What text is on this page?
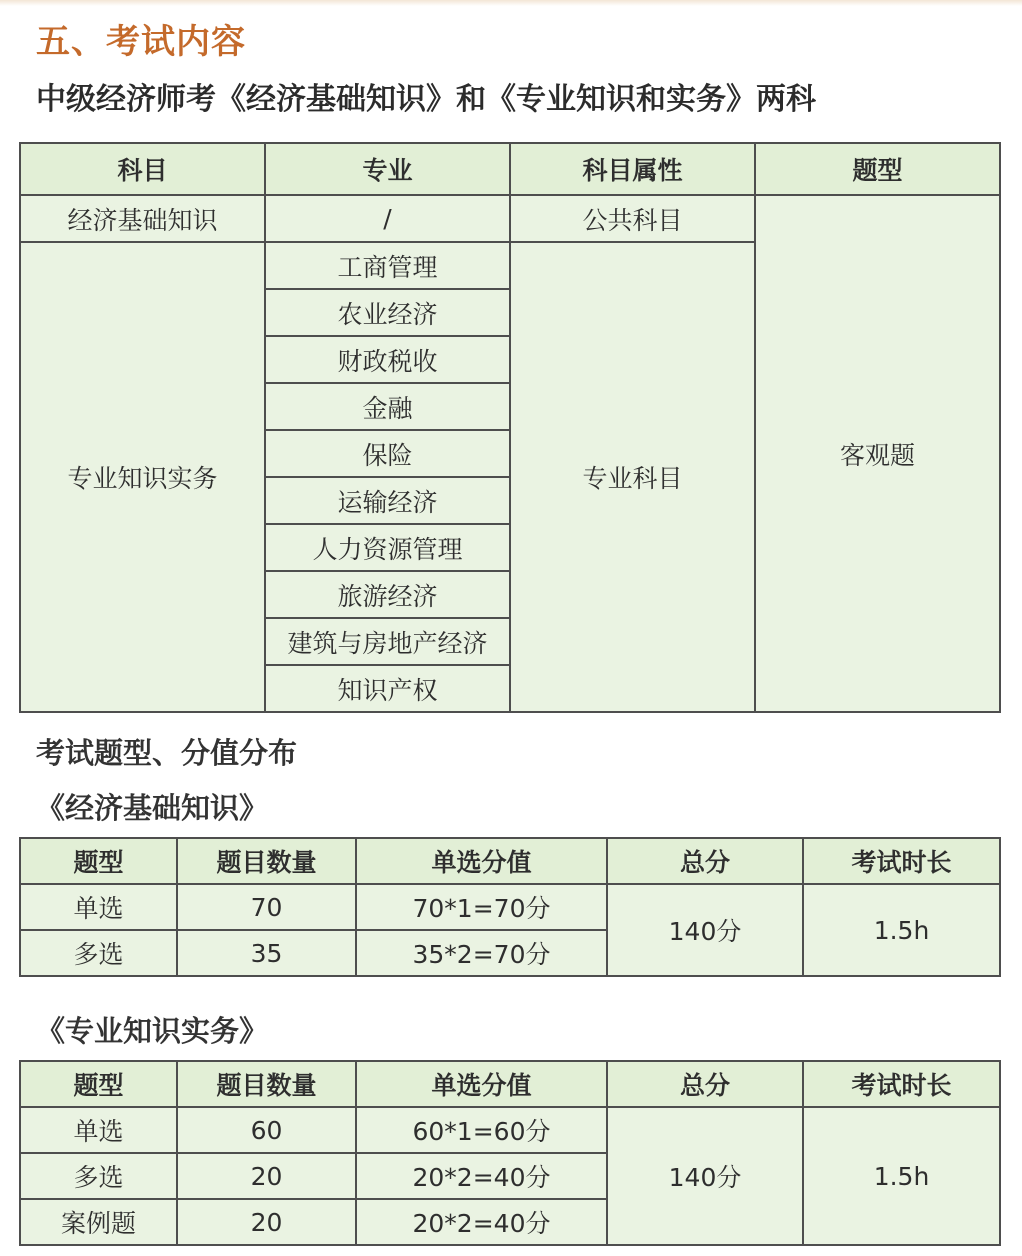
五、考试内容
中级经济师考《经济基础知识》和《专业知识和实务》两科
科目	专业	科目属性	题型
经济基础知识	/	公共科目	客观题
专业知识实务	工商管理	专业科目	
	农业经济		
	财政税收		
	金融		
	保险		
	运输经济		
	人力资源管理		
	旅游经济		
	建筑与房地产经济		
	知识产权		
考试题型、分值分布
《经济基础知识》
题型	题目数量	单选分值	总分	考试时长
单选	70	70*1=70分	140分	1.5h
多选	35	35*2=70分		
《专业知识实务》
题型	题目数量	单选分值	总分	考试时长
单选	60	60*1=60分	140分	1.5h
多选	20	20*2=40分		
案例题	20	20*2=40分		
